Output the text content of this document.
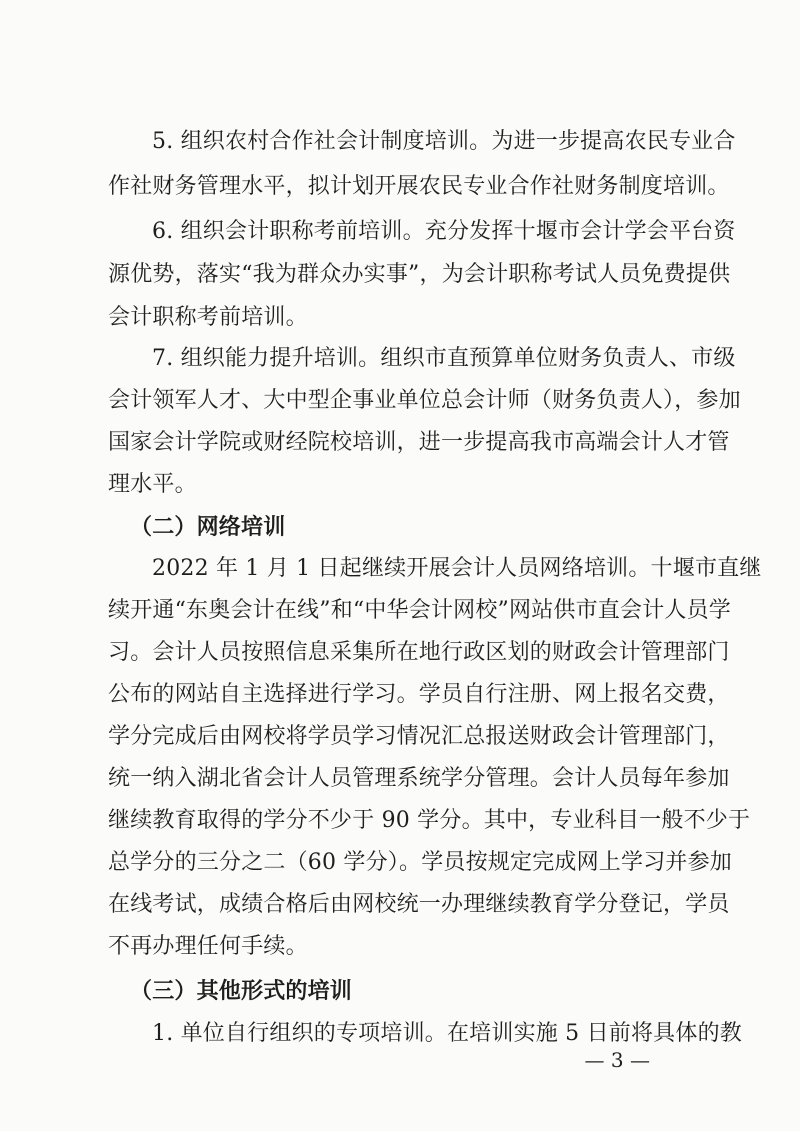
5. 组织农村合作社会计制度培训。为进一步提高农民专业合
作社财务管理水平，拟计划开展农民专业合作社财务制度培训。
6. 组织会计职称考前培训。充分发挥十堰市会计学会平台资
源优势，落实“我为群众办实事”，为会计职称考试人员免费提供
会计职称考前培训。
7. 组织能力提升培训。组织市直预算单位财务负责人、市级
会计领军人才、大中型企事业单位总会计师（财务负责人），参加
国家会计学院或财经院校培训，进一步提高我市高端会计人才管
理水平。
（二）网络培训
2022 年 1 月 1 日起继续开展会计人员网络培训。十堰市直继
续开通“东奥会计在线”和“中华会计网校”网站供市直会计人员学
习。会计人员按照信息采集所在地行政区划的财政会计管理部门
公布的网站自主选择进行学习。学员自行注册、网上报名交费，
学分完成后由网校将学员学习情况汇总报送财政会计管理部门，
统一纳入湖北省会计人员管理系统学分管理。会计人员每年参加
继续教育取得的学分不少于 90 学分。其中，专业科目一般不少于
总学分的三分之二（60 学分）。学员按规定完成网上学习并参加
在线考试，成绩合格后由网校统一办理继续教育学分登记，学员
不再办理任何手续。
（三）其他形式的培训
1. 单位自行组织的专项培训。在培训实施 5 日前将具体的教
— 3 —
